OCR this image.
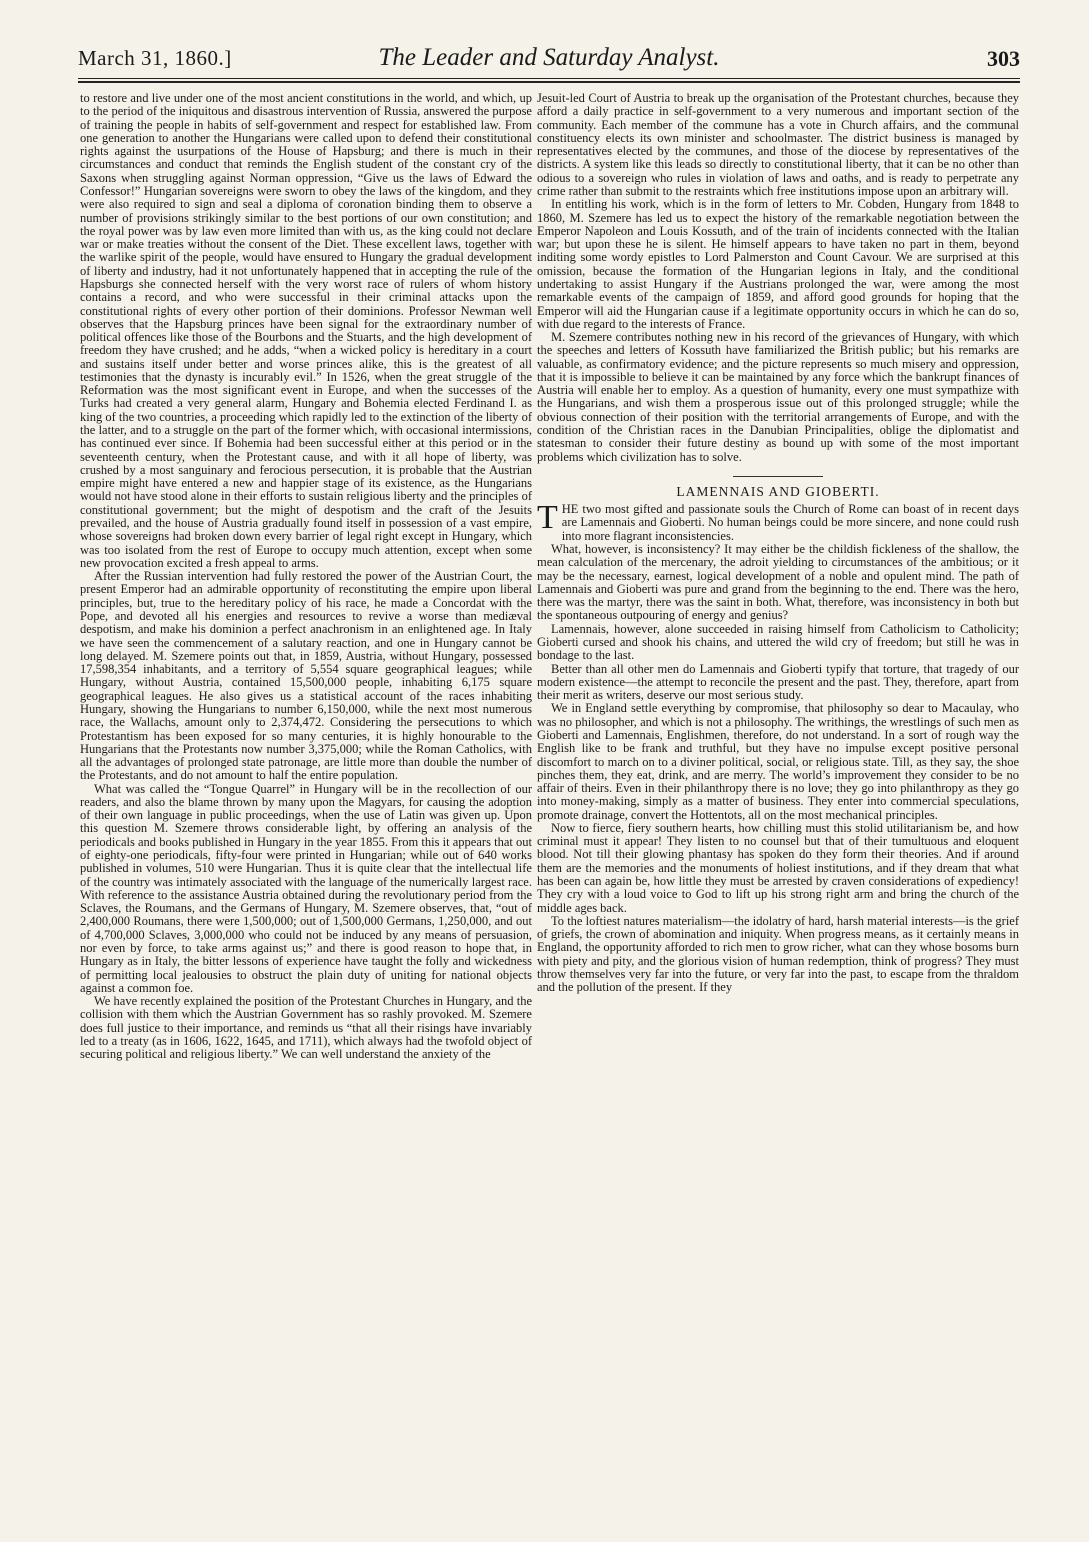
March 31, 1860.]	The Leader and Saturday Analyst.	303

to restore and live under one of the most ancient constitutions in the world, and which, up to the period of the iniquitous and disastrous intervention of Russia, answered the purpose of training the people in habits of self-government and respect for established law. From one generation to another the Hungarians were called upon to defend their constitutional rights against the usurpations of the House of Hapsburg; and there is much in their circumstances and conduct that reminds the English student of the constant cry of the Saxons when struggling against Norman oppression, “Give us the laws of Edward the Confessor!” Hungarian sovereigns were sworn to obey the laws of the kingdom, and they were also required to sign and seal a diploma of coronation binding them to observe a number of provisions strikingly similar to the best portions of our own constitution; and the royal power was by law even more limited than with us, as the king could not declare war or make treaties without the consent of the Diet. These excellent laws, together with the warlike spirit of the people, would have ensured to Hungary the gradual development of liberty and industry, had it not unfortunately happened that in accepting the rule of the Hapsburgs she connected herself with the very worst race of rulers of whom history contains a record, and who were successful in their criminal attacks upon the constitutional rights of every other portion of their dominions. Professor Newman well observes that the Hapsburg princes have been signal for the extraordinary number of political offences like those of the Bourbons and the Stuarts, and the high development of freedom they have crushed; and he adds, “when a wicked policy is hereditary in a court and sustains itself under better and worse princes alike, this is the greatest of all testimonies that the dynasty is incurably evil.” In 1526, when the great struggle of the Reformation was the most significant event in Europe, and when the successes of the Turks had created a very general alarm, Hungary and Bohemia elected Ferdinand I. as king of the two countries, a proceeding which rapidly led to the extinction of the liberty of the latter, and to a struggle on the part of the former which, with occasional intermissions, has continued ever since. If Bohemia had been successful either at this period or in the seventeenth century, when the Protestant cause, and with it all hope of liberty, was crushed by a most sanguinary and ferocious persecution, it is probable that the Austrian empire might have entered a new and happier stage of its existence, as the Hungarians would not have stood alone in their efforts to sustain religious liberty and the principles of constitutional government; but the might of despotism and the craft of the Jesuits prevailed, and the house of Austria gradually found itself in possession of a vast empire, whose sovereigns had broken down every barrier of legal right except in Hungary, which was too isolated from the rest of Europe to occupy much attention, except when some new provocation excited a fresh appeal to arms.

After the Russian intervention had fully restored the power of the Austrian Court, the present Emperor had an admirable opportunity of reconstituting the empire upon liberal principles, but, true to the hereditary policy of his race, he made a Concordat with the Pope, and devoted all his energies and resources to revive a worse than mediæval despotism, and make his dominion a perfect anachronism in an enlightened age. In Italy we have seen the commencement of a salutary reaction, and one in Hungary cannot be long delayed. M. Szemere points out that, in 1859, Austria, without Hungary, possessed 17,598,354 inhabitants, and a territory of 5,554 square geographical leagues; while Hungary, without Austria, contained 15,500,000 people, inhabiting 6,175 square geographical leagues. He also gives us a statistical account of the races inhabiting Hungary, showing the Hungarians to number 6,150,000, while the next most numerous race, the Wallachs, amount only to 2,374,472. Considering the persecutions to which Protestantism has been exposed for so many centuries, it is highly honourable to the Hungarians that the Protestants now number 3,375,000; while the Roman Catholics, with all the advantages of prolonged state patronage, are little more than double the number of the Protestants, and do not amount to half the entire population.

What was called the “Tongue Quarrel” in Hungary will be in the recollection of our readers, and also the blame thrown by many upon the Magyars, for causing the adoption of their own language in public proceedings, when the use of Latin was given up. Upon this question M. Szemere throws considerable light, by offering an analysis of the periodicals and books published in Hungary in the year 1855. From this it appears that out of eighty-one periodicals, fifty-four were printed in Hungarian; while out of 640 works published in volumes, 510 were Hungarian. Thus it is quite clear that the intellectual life of the country was intimately associated with the language of the numerically largest race. With reference to the assistance Austria obtained during the revolutionary period from the Sclaves, the Roumans, and the Germans of Hungary, M. Szemere observes, that, “out of 2,400,000 Roumans, there were 1,500,000; out of 1,500,000 Germans, 1,250,000, and out of 4,700,000 Sclaves, 3,000,000 who could not be induced by any means of persuasion, nor even by force, to take arms against us;” and there is good reason to hope that, in Hungary as in Italy, the bitter lessons of experience have taught the folly and wickedness of permitting local jealousies to obstruct the plain duty of uniting for national objects against a common foe.

We have recently explained the position of the Protestant Churches in Hungary, and the collision with them which the Austrian Government has so rashly provoked. M. Szemere does full justice to their importance, and reminds us “that all their risings have invariably led to a treaty (as in 1606, 1622, 1645, and 1711), which always had the twofold object of securing political and religious liberty.” We can well understand the anxiety of the

Jesuit-led Court of Austria to break up the organisation of the Protestant churches, because they afford a daily practice in self-government to a very numerous and important section of the community. Each member of the commune has a vote in Church affairs, and the communal constituency elects its own minister and schoolmaster. The district business is managed by representatives elected by the communes, and those of the diocese by representatives of the districts. A system like this leads so directly to constitutional liberty, that it can be no other than odious to a sovereign who rules in violation of laws and oaths, and is ready to perpetrate any crime rather than submit to the restraints which free institutions impose upon an arbitrary will.

In entitling his work, which is in the form of letters to Mr. Cobden, Hungary from 1848 to 1860, M. Szemere has led us to expect the history of the remarkable negotiation between the Emperor Napoleon and Louis Kossuth, and of the train of incidents connected with the Italian war; but upon these he is silent. He himself appears to have taken no part in them, beyond inditing some wordy epistles to Lord Palmerston and Count Cavour. We are surprised at this omission, because the formation of the Hungarian legions in Italy, and the conditional undertaking to assist Hungary if the Austrians prolonged the war, were among the most remarkable events of the campaign of 1859, and afford good grounds for hoping that the Emperor will aid the Hungarian cause if a legitimate opportunity occurs in which he can do so, with due regard to the interests of France.

M. Szemere contributes nothing new in his record of the grievances of Hungary, with which the speeches and letters of Kossuth have familiarized the British public; but his remarks are valuable, as confirmatory evidence; and the picture represents so much misery and oppression, that it is impossible to believe it can be maintained by any force which the bankrupt finances of Austria will enable her to employ. As a question of humanity, every one must sympathize with the Hungarians, and wish them a prosperous issue out of this prolonged struggle; while the obvious connection of their position with the territorial arrangements of Europe, and with the condition of the Christian races in the Danubian Principalities, oblige the diplomatist and statesman to consider their future destiny as bound up with some of the most important problems which civilization has to solve.

LAMENNAIS AND GIOBERTI.

THE two most gifted and passionate souls the Church of Rome can boast of in recent days are Lamennais and Gioberti. No human beings could be more sincere, and none could rush into more flagrant inconsistencies.

What, however, is inconsistency? It may either be the childish fickleness of the shallow, the mean calculation of the mercenary, the adroit yielding to circumstances of the ambitious; or it may be the necessary, earnest, logical development of a noble and opulent mind. The path of Lamennais and Gioberti was pure and grand from the beginning to the end. There was the hero, there was the martyr, there was the saint in both. What, therefore, was inconsistency in both but the spontaneous outpouring of energy and genius?

Lamennais, however, alone succeeded in raising himself from Catholicism to Catholicity; Gioberti cursed and shook his chains, and uttered the wild cry of freedom; but still he was in bondage to the last.

Better than all other men do Lamennais and Gioberti typify that torture, that tragedy of our modern existence—the attempt to reconcile the present and the past. They, therefore, apart from their merit as writers, deserve our most serious study.

We in England settle everything by compromise, that philosophy so dear to Macaulay, who was no philosopher, and which is not a philosophy. The writhings, the wrestlings of such men as Gioberti and Lamennais, Englishmen, therefore, do not understand. In a sort of rough way the English like to be frank and truthful, but they have no impulse except positive personal discomfort to march on to a diviner political, social, or religious state. Till, as they say, the shoe pinches them, they eat, drink, and are merry. The world’s improvement they consider to be no affair of theirs. Even in their philanthropy there is no love; they go into philanthropy as they go into money-making, simply as a matter of business. They enter into commercial speculations, promote drainage, convert the Hottentots, all on the most mechanical principles.

Now to fierce, fiery southern hearts, how chilling must this stolid utilitarianism be, and how criminal must it appear! They listen to no counsel but that of their tumultuous and eloquent blood. Not till their glowing phantasy has spoken do they form their theories. And if around them are the memories and the monuments of holiest institutions, and if they dream that what has been can again be, how little they must be arrested by craven considerations of expediency! They cry with a loud voice to God to lift up his strong right arm and bring the church of the middle ages back.

To the loftiest natures materialism—the idolatry of hard, harsh material interests—is the grief of griefs, the crown of abomination and iniquity. When progress means, as it certainly means in England, the opportunity afforded to rich men to grow richer, what can they whose bosoms burn with piety and pity, and the glorious vision of human redemption, think of progress? They must throw themselves very far into the future, or very far into the past, to escape from the thraldom and the pollution of the present. If they
